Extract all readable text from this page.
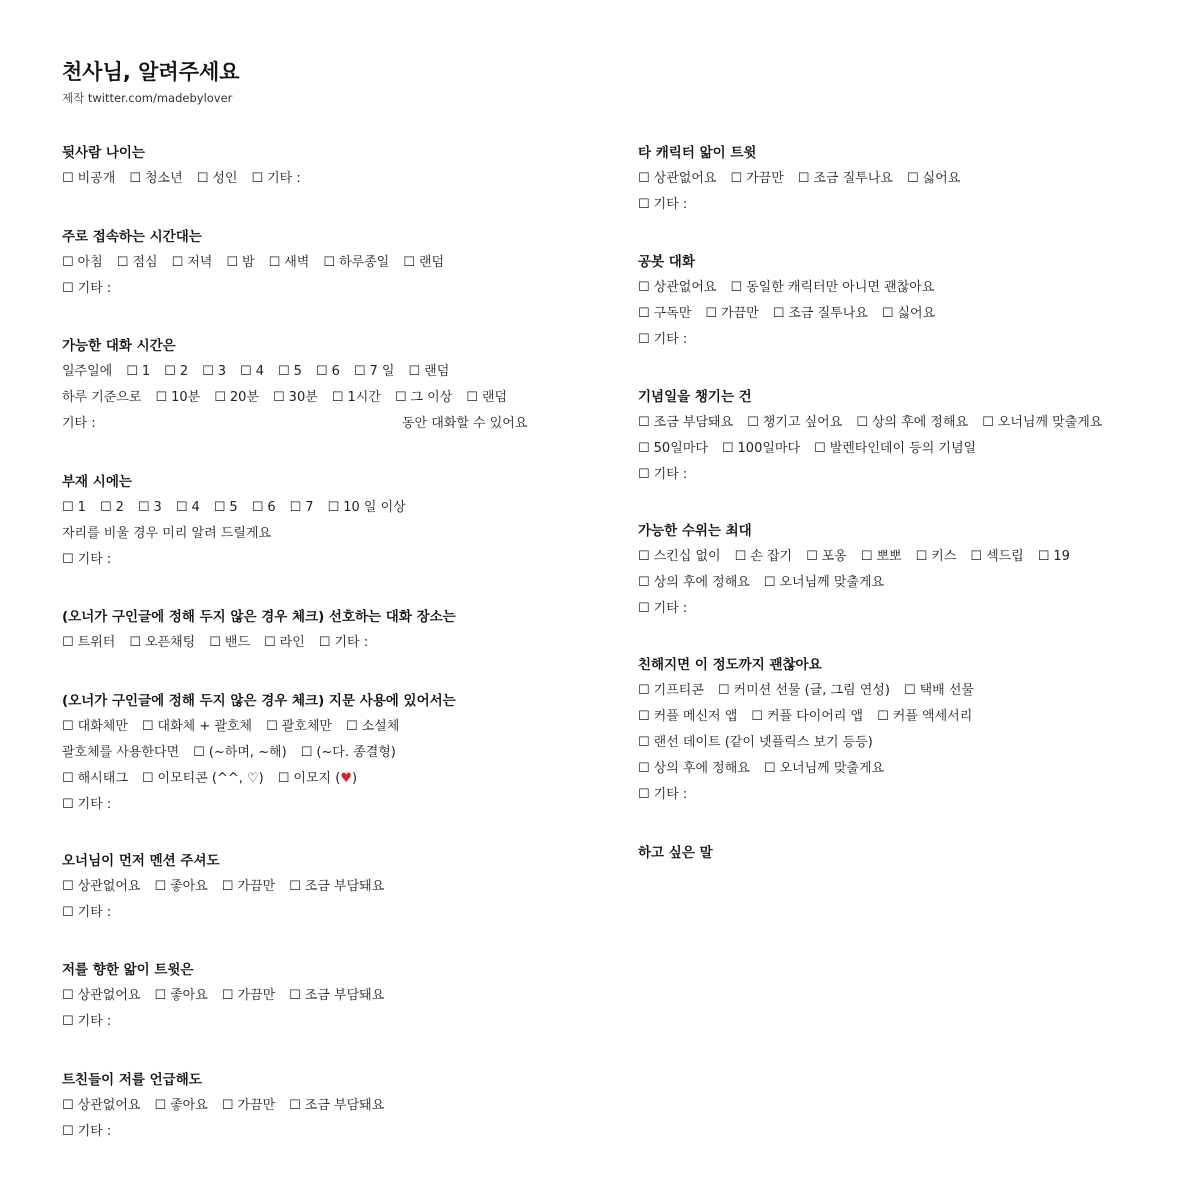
천사님, 알려주세요
제작 twitter.com/madebylover
뒷사람 나이는
☐ 비공개 ☐ 청소년 ☐ 성인 ☐ 기타 :
주로 접속하는 시간대는
☐ 아침 ☐ 점심 ☐ 저녁 ☐ 밤 ☐ 새벽 ☐ 하루종일 ☐ 랜덤
☐ 기타 :
가능한 대화 시간은
일주일에 ☐ 1 ☐ 2 ☐ 3 ☐ 4 ☐ 5 ☐ 6 ☐ 7 일 ☐ 랜덤
하루 기준으로 ☐ 10분 ☐ 20분 ☐ 30분 ☐ 1시간 ☐ 그 이상 ☐ 랜덤
기타 :	동안 대화할 수 있어요
부재 시에는
☐ 1 ☐ 2 ☐ 3 ☐ 4 ☐ 5 ☐ 6 ☐ 7 ☐ 10 일 이상
자리를 비울 경우 미리 알려 드릴게요
☐ 기타 :
(오너가 구인글에 정해 두지 않은 경우 체크) 선호하는 대화 장소는
☐ 트위터 ☐ 오픈채팅 ☐ 밴드 ☐ 라인 ☐ 기타 :
(오너가 구인글에 정해 두지 않은 경우 체크) 지문 사용에 있어서는
☐ 대화체만 ☐ 대화체 + 괄호체 ☐ 괄호체만 ☐ 소설체
괄호체를 사용한다면 ☐ (~하며, ~해) ☐ (~다. 종결형)
☐ 해시태그 ☐ 이모티콘 (^^, ♡) ☐ 이모지 (♥)
☐ 기타 :
오너님이 먼저 멘션 주셔도
☐ 상관없어요 ☐ 좋아요 ☐ 가끔만 ☐ 조금 부담돼요
☐ 기타 :
저를 향한 앎이 트윗은
☐ 상관없어요 ☐ 좋아요 ☐ 가끔만 ☐ 조금 부담돼요
☐ 기타 :
트친들이 저를 언급해도
☐ 상관없어요 ☐ 좋아요 ☐ 가끔만 ☐ 조금 부담돼요
☐ 기타 :
타 캐릭터 앎이 트윗
☐ 상관없어요 ☐ 가끔만 ☐ 조금 질투나요 ☐ 싫어요
☐ 기타 :
공봇 대화
☐ 상관없어요 ☐ 동일한 캐릭터만 아니면 괜찮아요
☐ 구독만 ☐ 가끔만 ☐ 조금 질투나요 ☐ 싫어요
☐ 기타 :
기념일을 챙기는 건
☐ 조금 부담돼요 ☐ 챙기고 싶어요 ☐ 상의 후에 정해요 ☐ 오너님께 맞출게요
☐ 50일마다 ☐ 100일마다 ☐ 발렌타인데이 등의 기념일
☐ 기타 :
가능한 수위는 최대
☐ 스킨십 없이 ☐ 손 잡기 ☐ 포옹 ☐ 뽀뽀 ☐ 키스 ☐ 섹드립 ☐ 19
☐ 상의 후에 정해요 ☐ 오너님께 맞출게요
☐ 기타 :
친해지면 이 정도까지 괜찮아요
☐ 기프티콘 ☐ 커미션 선물 (글, 그림 연성) ☐ 택배 선물
☐ 커플 메신저 앱 ☐ 커플 다이어리 앱 ☐ 커플 액세서리
☐ 랜선 데이트 (같이 넷플릭스 보기 등등)
☐ 상의 후에 정해요 ☐ 오너님께 맞출게요
☐ 기타 :
하고 싶은 말
